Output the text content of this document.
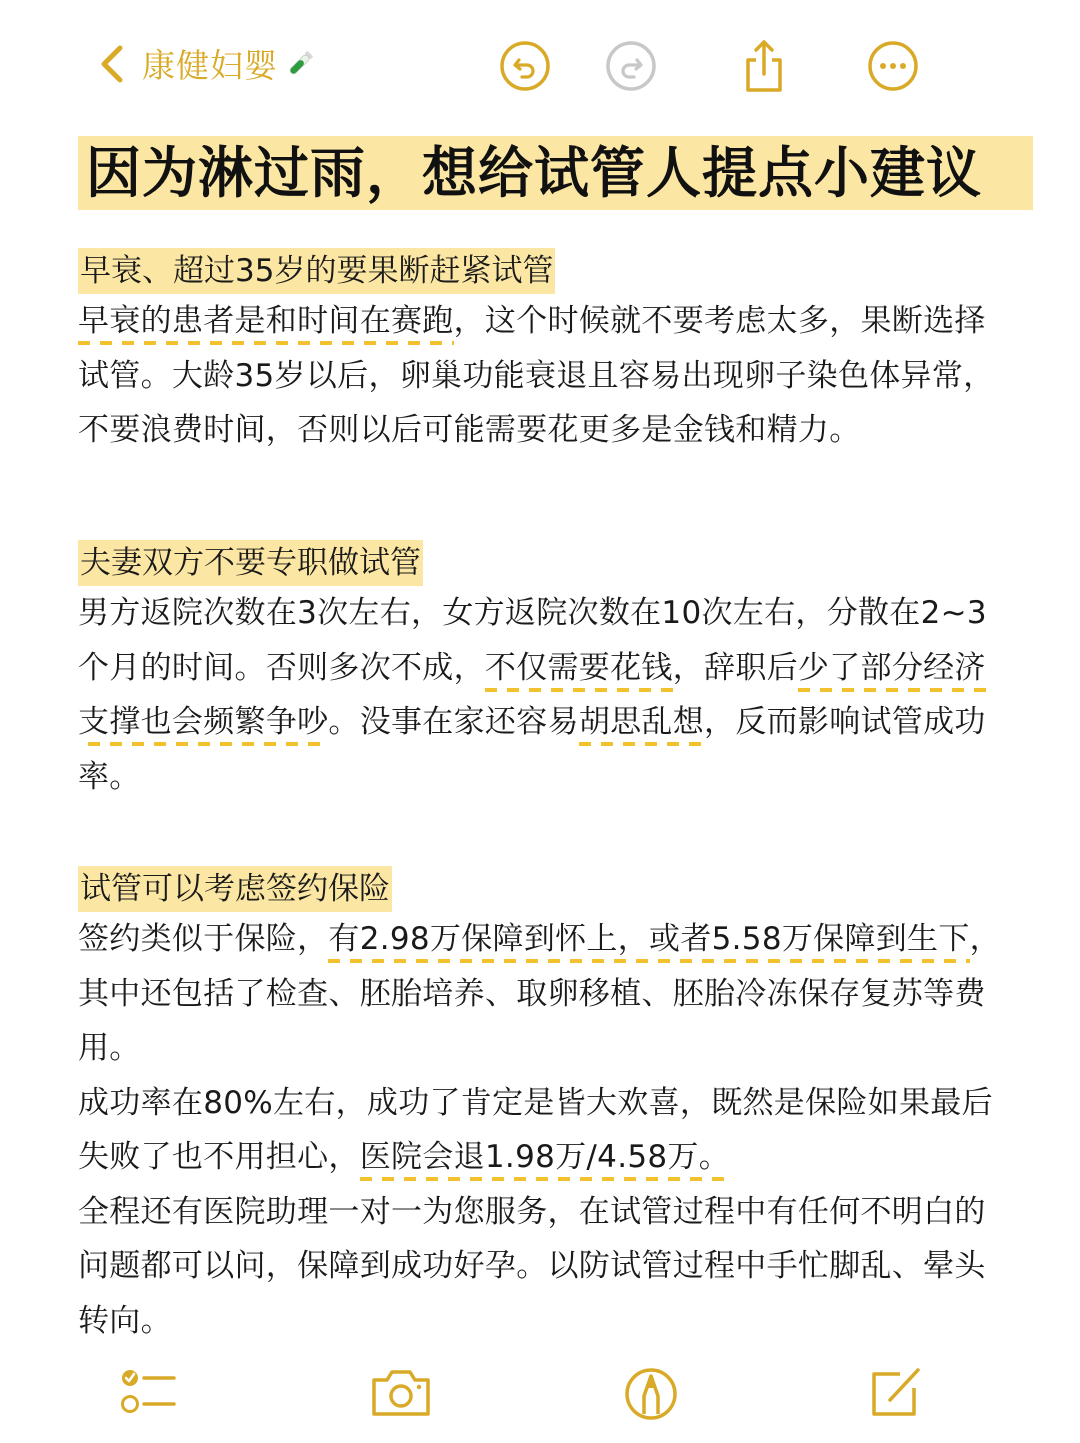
康健妇婴
因为淋过雨，想给试管人提点小建议
早衰、超过35岁的要果断赶紧试管

早衰的患者是和时间在赛跑，这个时候就不要考虑太多，果断选择试管。大龄35岁以后，卵巢功能衰退且容易出现卵子染色体异常，不要浪费时间，否则以后可能需要花更多是金钱和精力。

夫妻双方不要专职做试管

男方返院次数在3次左右，女方返院次数在10次左右，分散在2~3个月的时间。否则多次不成，不仅需要花钱，辞职后少了部分经济支撑也会频繁争吵。没事在家还容易胡思乱想，反而影响试管成功率。

试管可以考虑签约保险

签约类似于保险，有2.98万保障到怀上，或者5.58万保障到生下，其中还包括了检查、胚胎培养、取卵移植、胚胎冷冻保存复苏等费用。

成功率在80%左右，成功了肯定是皆大欢喜，既然是保险如果最后失败了也不用担心，医院会退1.98万/4.58万。

全程还有医院助理一对一为您服务，在试管过程中有任何不明白的问题都可以问，保障到成功好孕。以防试管过程中手忙脚乱、晕头转向。
